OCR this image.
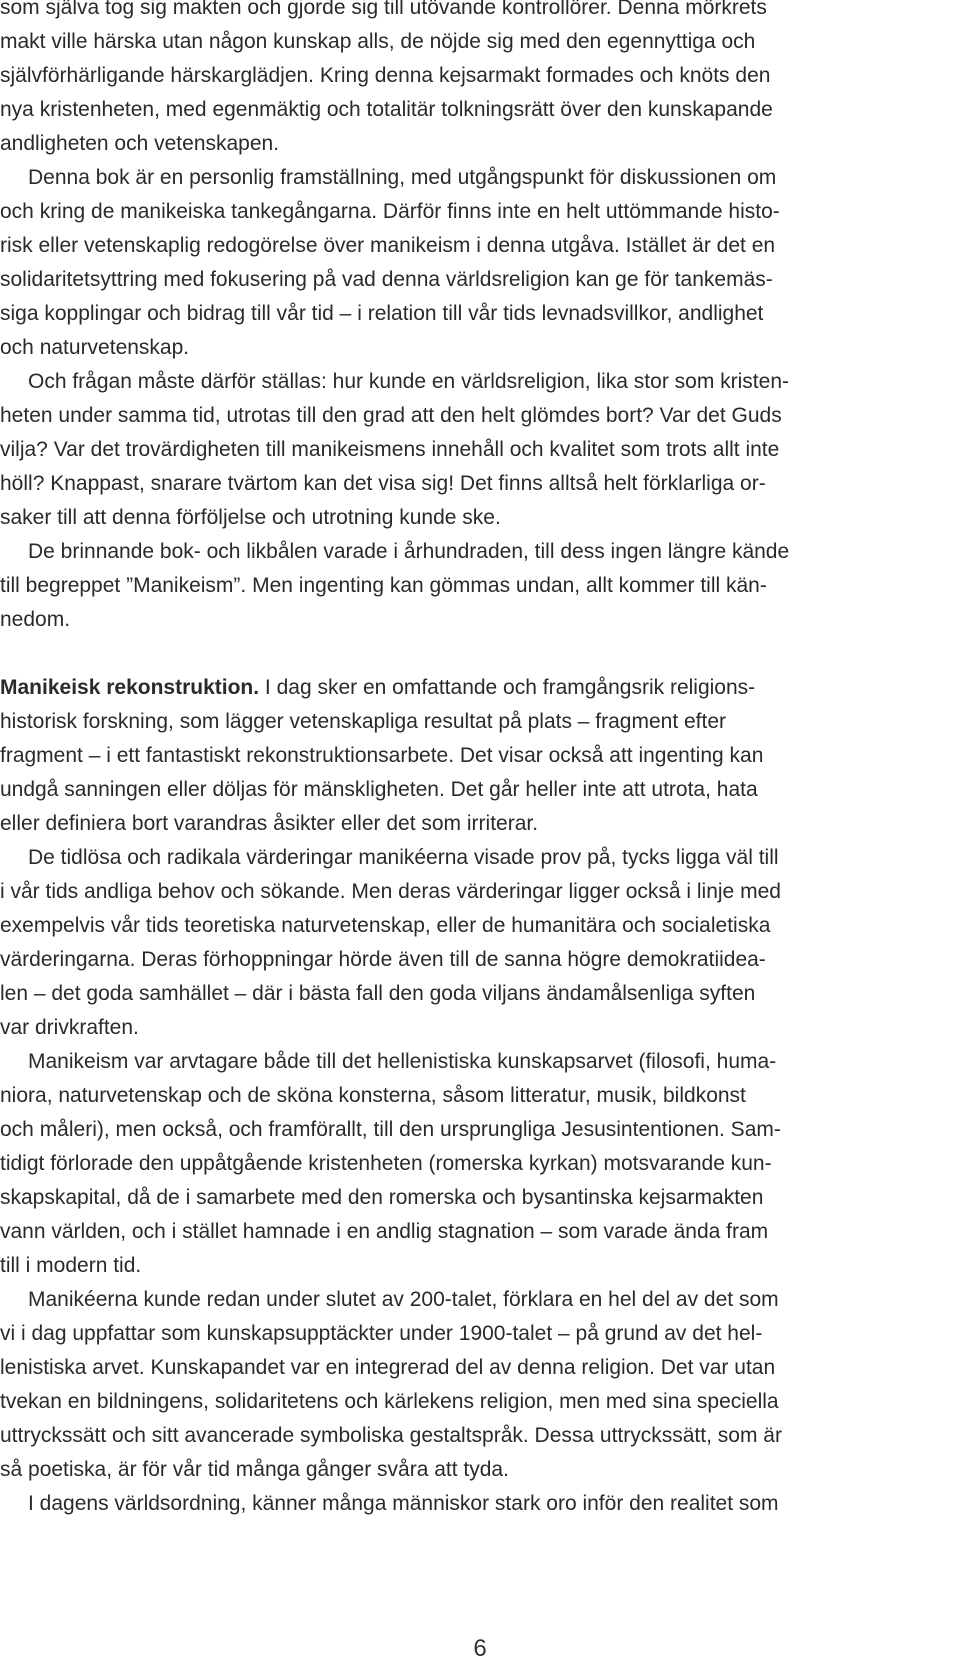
som själva tog sig makten och gjorde sig till utövande kontrollörer. Denna mörkrets
makt ville härska utan någon kunskap alls, de nöjde sig med den egennyttiga och
självförhärligande härskarglädjen. Kring denna kejsarmakt formades och knöts den
nya kristenheten, med egenmäktig och totalitär tolkningsrätt över den kunskapande
andligheten och vetenskapen.
Denna bok är en personlig framställning, med utgångspunkt för diskussionen om
och kring de manikeiska tankegångarna. Därför finns inte en helt uttömmande histo-
risk eller vetenskaplig redogörelse över manikeism i denna utgåva. Istället är det en
solidaritetsyttring med fokusering på vad denna världsreligion kan ge för tankemäs-
siga kopplingar och bidrag till vår tid – i relation till vår tids levnadsvillkor, andlighet
och naturvetenskap.
Och frågan måste därför ställas: hur kunde en världsreligion, lika stor som kristen-
heten under samma tid, utrotas till den grad att den helt glömdes bort? Var det Guds
vilja? Var det trovärdigheten till manikeismens innehåll och kvalitet som trots allt inte
höll? Knappast, snarare tvärtom kan det visa sig! Det finns alltså helt förklarliga or-
saker till att denna förföljelse och utrotning kunde ske.
De brinnande bok- och likbålen varade i århundraden, till dess ingen längre kände
till begreppet ”Manikeism”. Men ingenting kan gömmas undan, allt kommer till kän-
nedom.
Manikeisk rekonstruktion. I dag sker en omfattande och framgångsrik religions-
historisk forskning, som lägger vetenskapliga resultat på plats – fragment efter
fragment – i ett fantastiskt rekonstruktionsarbete. Det visar också att ingenting kan
undgå sanningen eller döljas för mänskligheten. Det går heller inte att utrota, hata
eller definiera bort varandras åsikter eller det som irriterar.
De tidlösa och radikala värderingar manikéerna visade prov på, tycks ligga väl till
i vår tids andliga behov och sökande. Men deras värderingar ligger också i linje med
exempelvis vår tids teoretiska naturvetenskap, eller de humanitära och socialetiska
värderingarna. Deras förhoppningar hörde även till de sanna högre demokratiidea-
len – det goda samhället – där i bästa fall den goda viljans ändamålsenliga syften
var drivkraften.
Manikeism var arvtagare både till det hellenistiska kunskapsarvet (filosofi, huma-
niora, naturvetenskap och de sköna konsterna, såsom litteratur, musik, bildkonst
och måleri), men också, och framförallt, till den ursprungliga Jesusintentionen. Sam-
tidigt förlorade den uppåtgående kristenheten (romerska kyrkan) motsvarande kun-
skapskapital, då de i samarbete med den romerska och bysantinska kejsarmakten
vann världen, och i stället hamnade i en andlig stagnation – som varade ända fram
till i modern tid.
Manikéerna kunde redan under slutet av 200-talet, förklara en hel del av det som
vi i dag uppfattar som kunskapsupptäckter under 1900-talet – på grund av det hel-
lenistiska arvet. Kunskapandet var en integrerad del av denna religion. Det var utan
tvekan en bildningens, solidaritetens och kärlekens religion, men med sina speciella
uttryckssätt och sitt avancerade symboliska gestaltspråk. Dessa uttryckssätt, som är
så poetiska, är för vår tid många gånger svåra att tyda.
I dagens världsordning, känner många människor stark oro inför den realitet som
6
